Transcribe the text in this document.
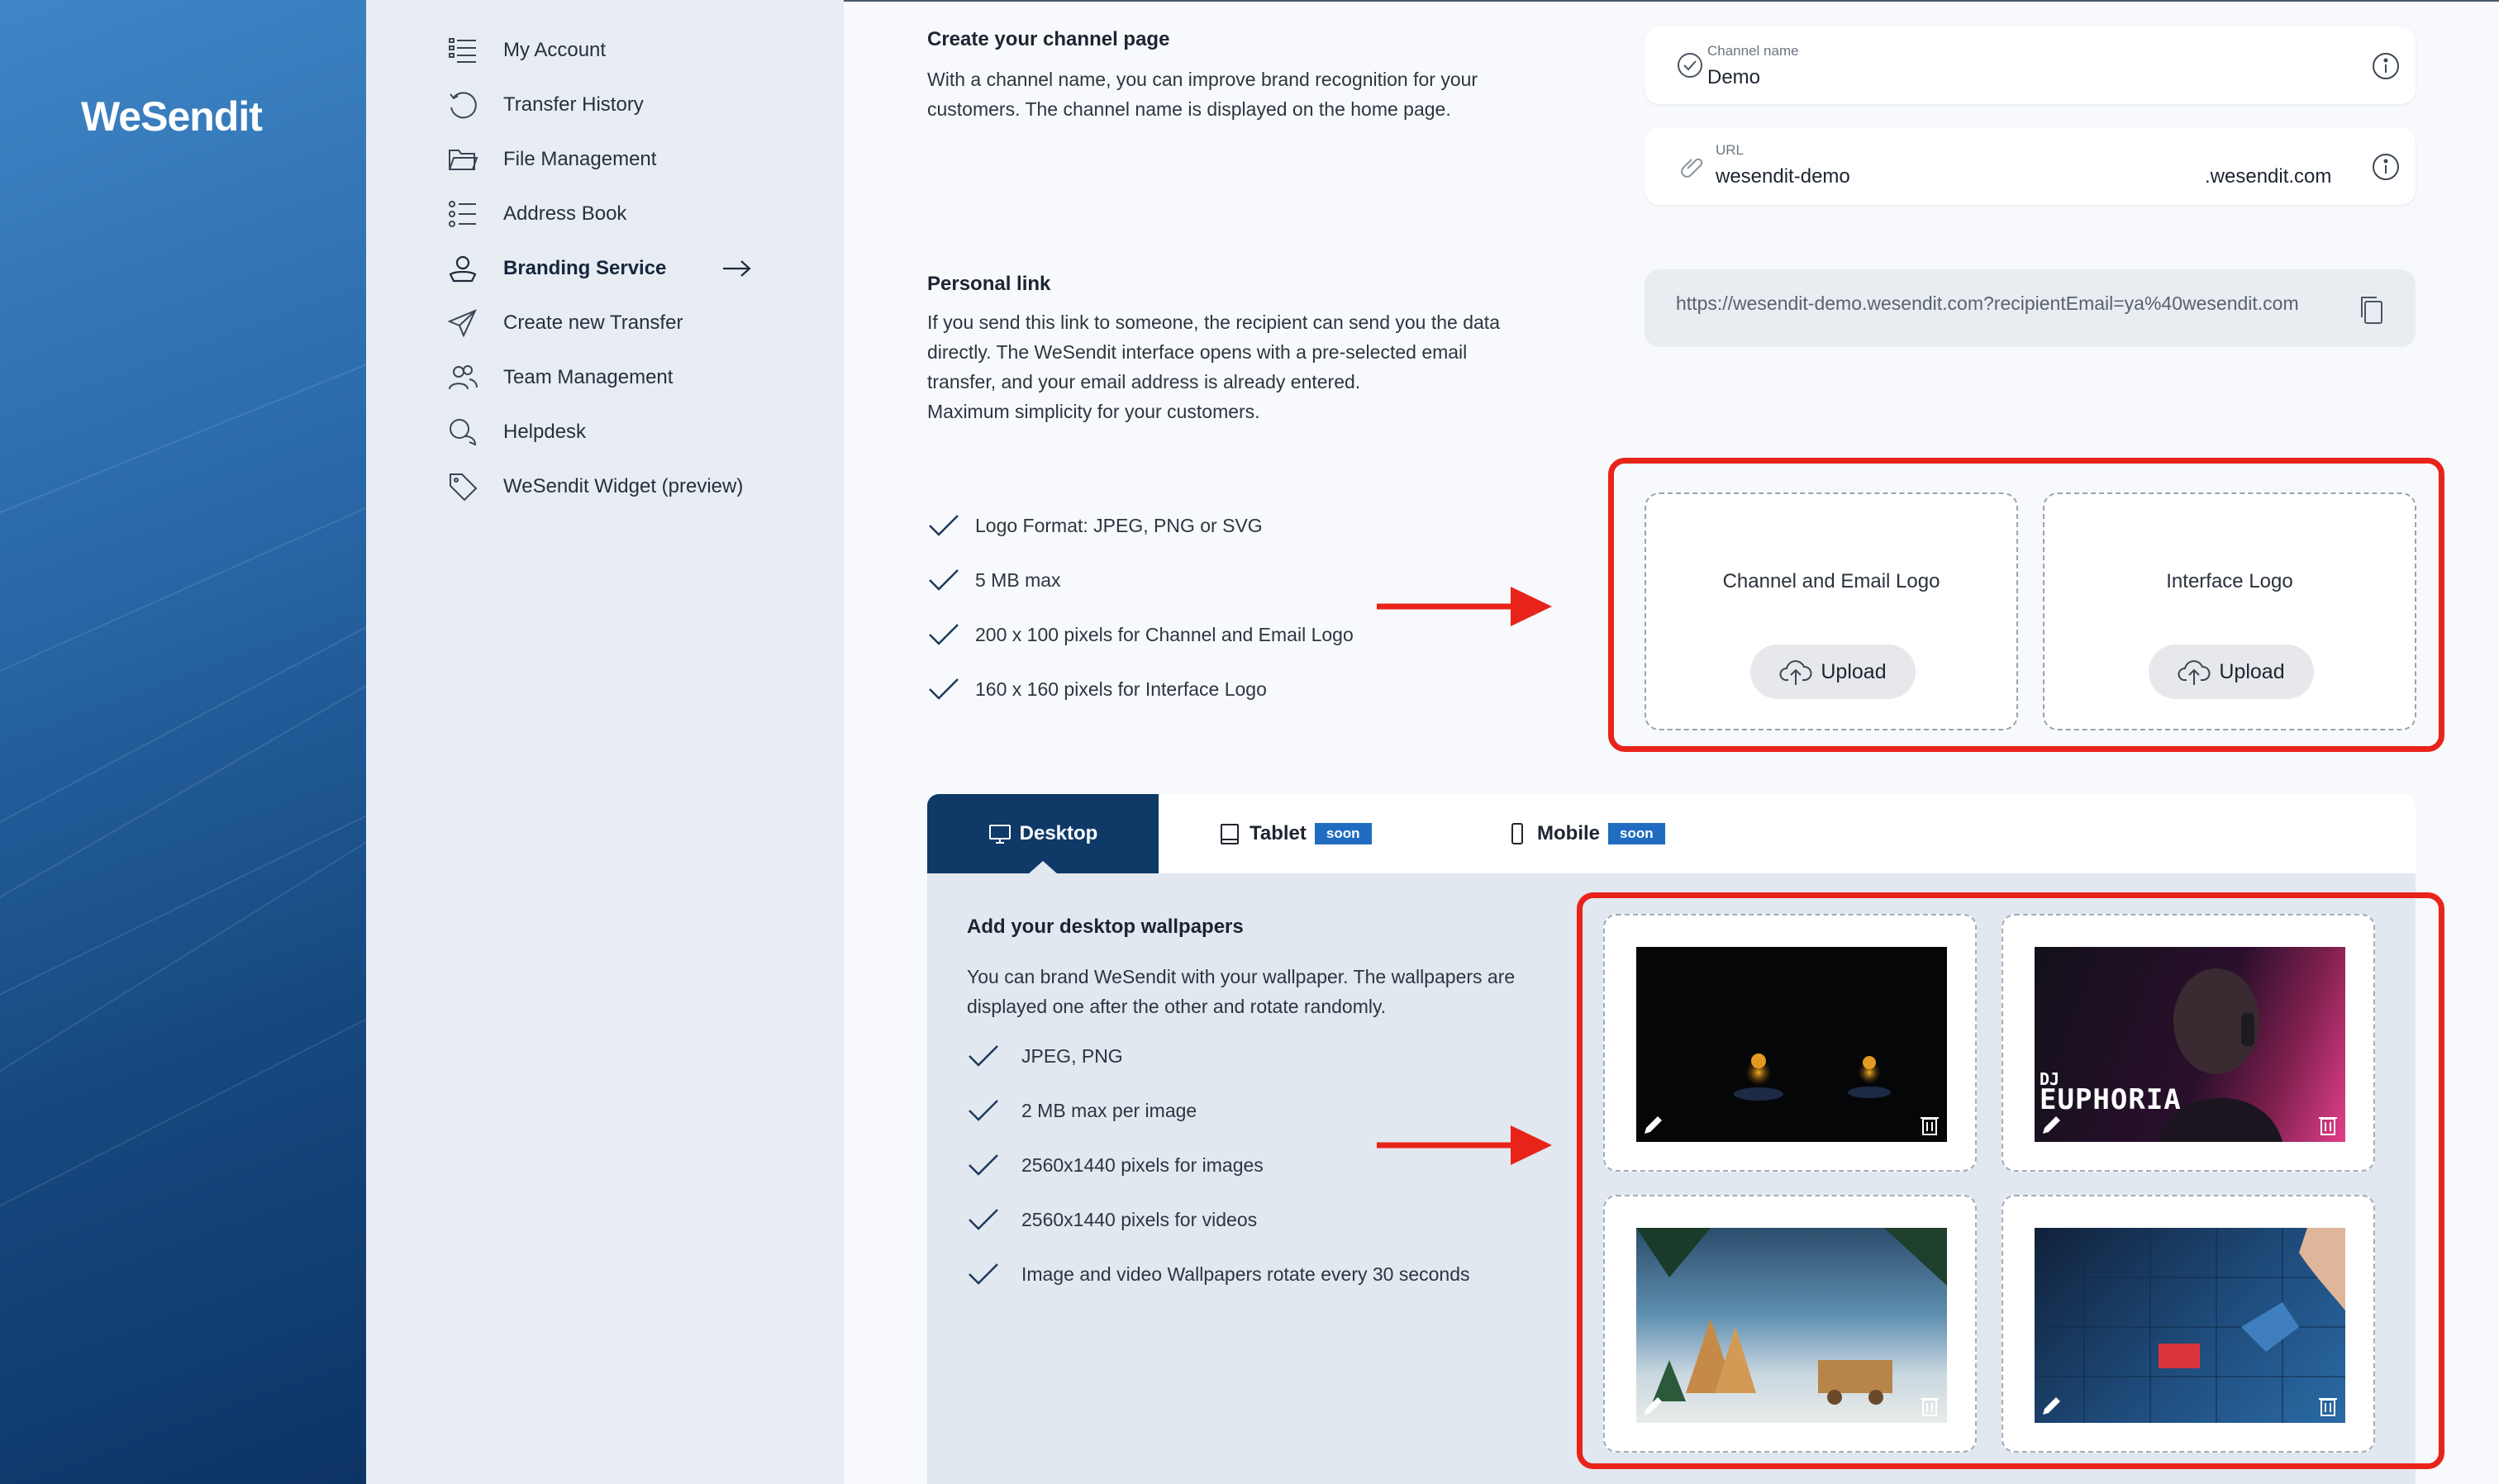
WeSendit
My Account
Transfer History
File Management
Address Book
Branding Service
Create new Transfer
Team Management
Helpdesk
WeSendit Widget (preview)
Create your channel page
With a channel name, you can improve brand recognition for your
customers. The channel name is displayed on the home page.
Channel name
Demo
URL
wesendit-demo	.wesendit.com
Personal link
If you send this link to someone, the recipient can send you the data
directly. The WeSendit interface opens with a pre-selected email
transfer, and your email address is already entered.
Maximum simplicity for your customers.
https://wesendit-demo.wesendit.com?recipientEmail=ya%40wesendit.com
Logo Format: JPEG, PNG or SVG
5 MB max
200 x 100 pixels for Channel and Email Logo
160 x 160 pixels for Interface Logo
Channel and Email Logo
Upload
Interface Logo
Upload
Desktop	Tablet	soon	Mobile	soon
Add your desktop wallpapers
You can brand WeSendit with your wallpaper. The wallpapers are
displayed one after the other and rotate randomly.
JPEG, PNG
2 MB max per image
2560x1440 pixels for images
2560x1440 pixels for videos
Image and video Wallpapers rotate every 30 seconds
DJ
EUPHORIA
